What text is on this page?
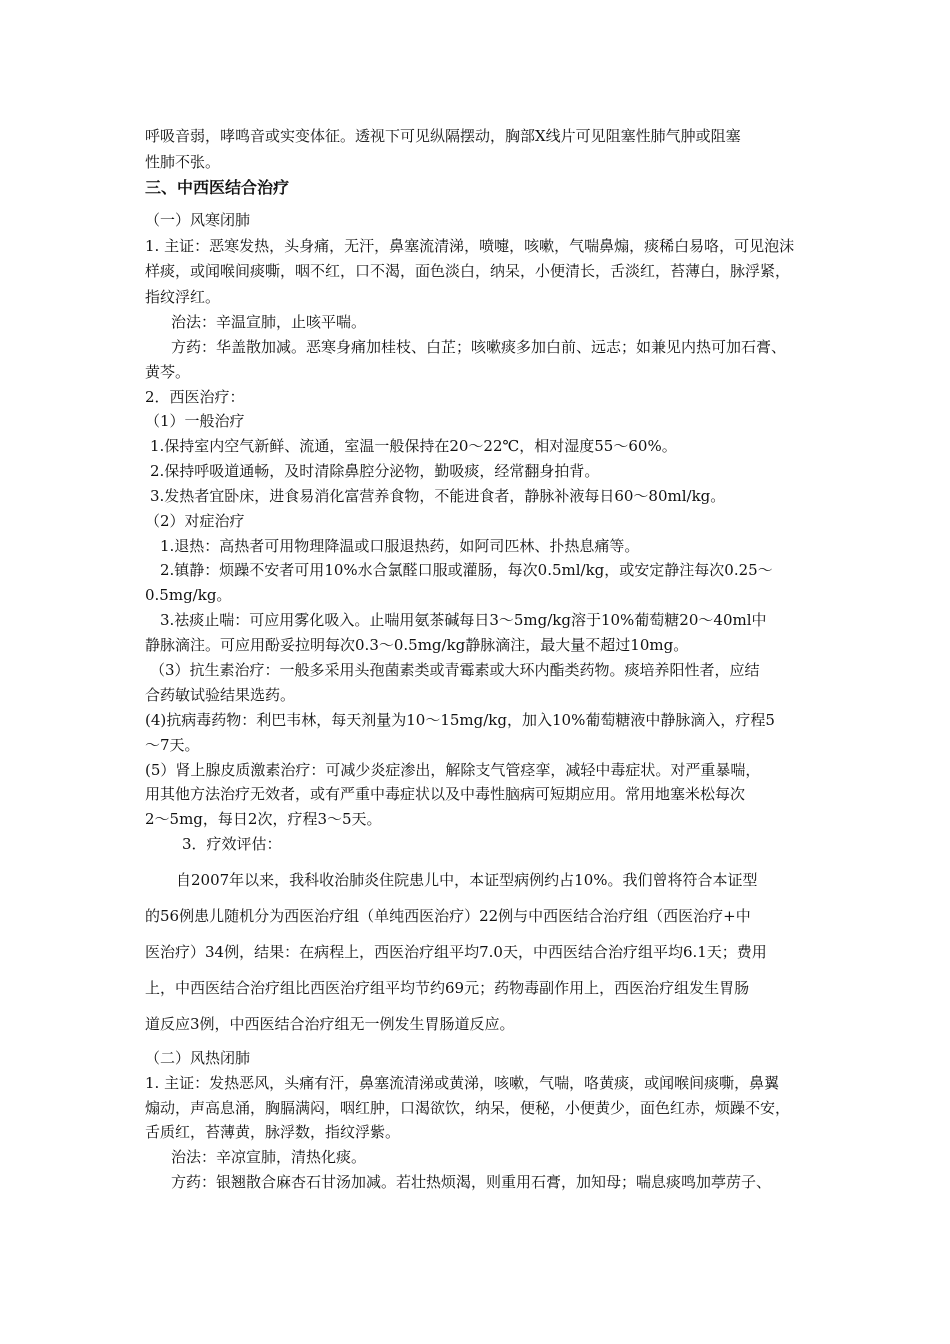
呼吸音弱，哮鸣音或实变体征。透视下可见纵隔摆动，胸部X线片可见阻塞性肺气肿或阻塞
性肺不张。
三、中西医结合治疗
（一）风寒闭肺
1. 主证：恶寒发热，头身痛，无汗，鼻塞流清涕，喷嚏，咳嗽，气喘鼻煽，痰稀白易咯，可见泡沫
样痰，或闻喉间痰嘶，咽不红，口不渴，面色淡白，纳呆，小便清长，舌淡红，苔薄白，脉浮紧，
指纹浮红。
治法：辛温宣肺，止咳平喘。
方药：华盖散加减。恶寒身痛加桂枝、白芷；咳嗽痰多加白前、远志；如兼见内热可加石膏、
黄芩。
2．西医治疗：
（1）一般治疗
1.保持室内空气新鲜、流通，室温一般保持在20～22℃，相对湿度55～60%。
2.保持呼吸道通畅，及时清除鼻腔分泌物，勤吸痰，经常翻身拍背。
3.发热者宜卧床，进食易消化富营养食物，不能进食者，静脉补液每日60～80ml/kg。
（2）对症治疗
1.退热：高热者可用物理降温或口服退热药，如阿司匹林、扑热息痛等。
2.镇静：烦躁不安者可用10%水合氯醛口服或灌肠，每次0.5ml/kg，或安定静注每次0.25～
0.5mg/kg。
3.祛痰止喘：可应用雾化吸入。止喘用氨茶碱每日3～5mg/kg溶于10%葡萄糖20～40ml中
静脉滴注。可应用酚妥拉明每次0.3～0.5mg/kg静脉滴注，最大量不超过10mg。
（3）抗生素治疗：一般多采用头孢菌素类或青霉素或大环内酯类药物。痰培养阳性者，应结
合药敏试验结果选药。
(4)抗病毒药物：利巴韦林，每天剂量为10～15mg/kg，加入10%葡萄糖液中静脉滴入，疗程5
～7天。
(5）肾上腺皮质激素治疗：可减少炎症渗出，解除支气管痉挛，减轻中毒症状。对严重暴喘，
用其他方法治疗无效者，或有严重中毒症状以及中毒性脑病可短期应用。常用地塞米松每次
2～5mg，每日2次，疗程3～5天。
3．疗效评估：
自2007年以来，我科收治肺炎住院患儿中，本证型病例约占10%。我们曾将符合本证型
的56例患儿随机分为西医治疗组（单纯西医治疗）22例与中西医结合治疗组（西医治疗+中
医治疗）34例，结果：在病程上，西医治疗组平均7.0天，中西医结合治疗组平均6.1天；费用
上，中西医结合治疗组比西医治疗组平均节约69元；药物毒副作用上，西医治疗组发生胃肠
道反应3例，中西医结合治疗组无一例发生胃肠道反应。
（二）风热闭肺
1. 主证：发热恶风，头痛有汗，鼻塞流清涕或黄涕，咳嗽，气喘，咯黄痰，或闻喉间痰嘶，鼻翼
煽动，声高息涌，胸膈满闷，咽红肿，口渴欲饮，纳呆，便秘，小便黄少，面色红赤，烦躁不安，
舌质红，苔薄黄，脉浮数，指纹浮紫。
治法：辛凉宣肺，清热化痰。
方药：银翘散合麻杏石甘汤加减。若壮热烦渴，则重用石膏，加知母；喘息痰鸣加葶苈子、
